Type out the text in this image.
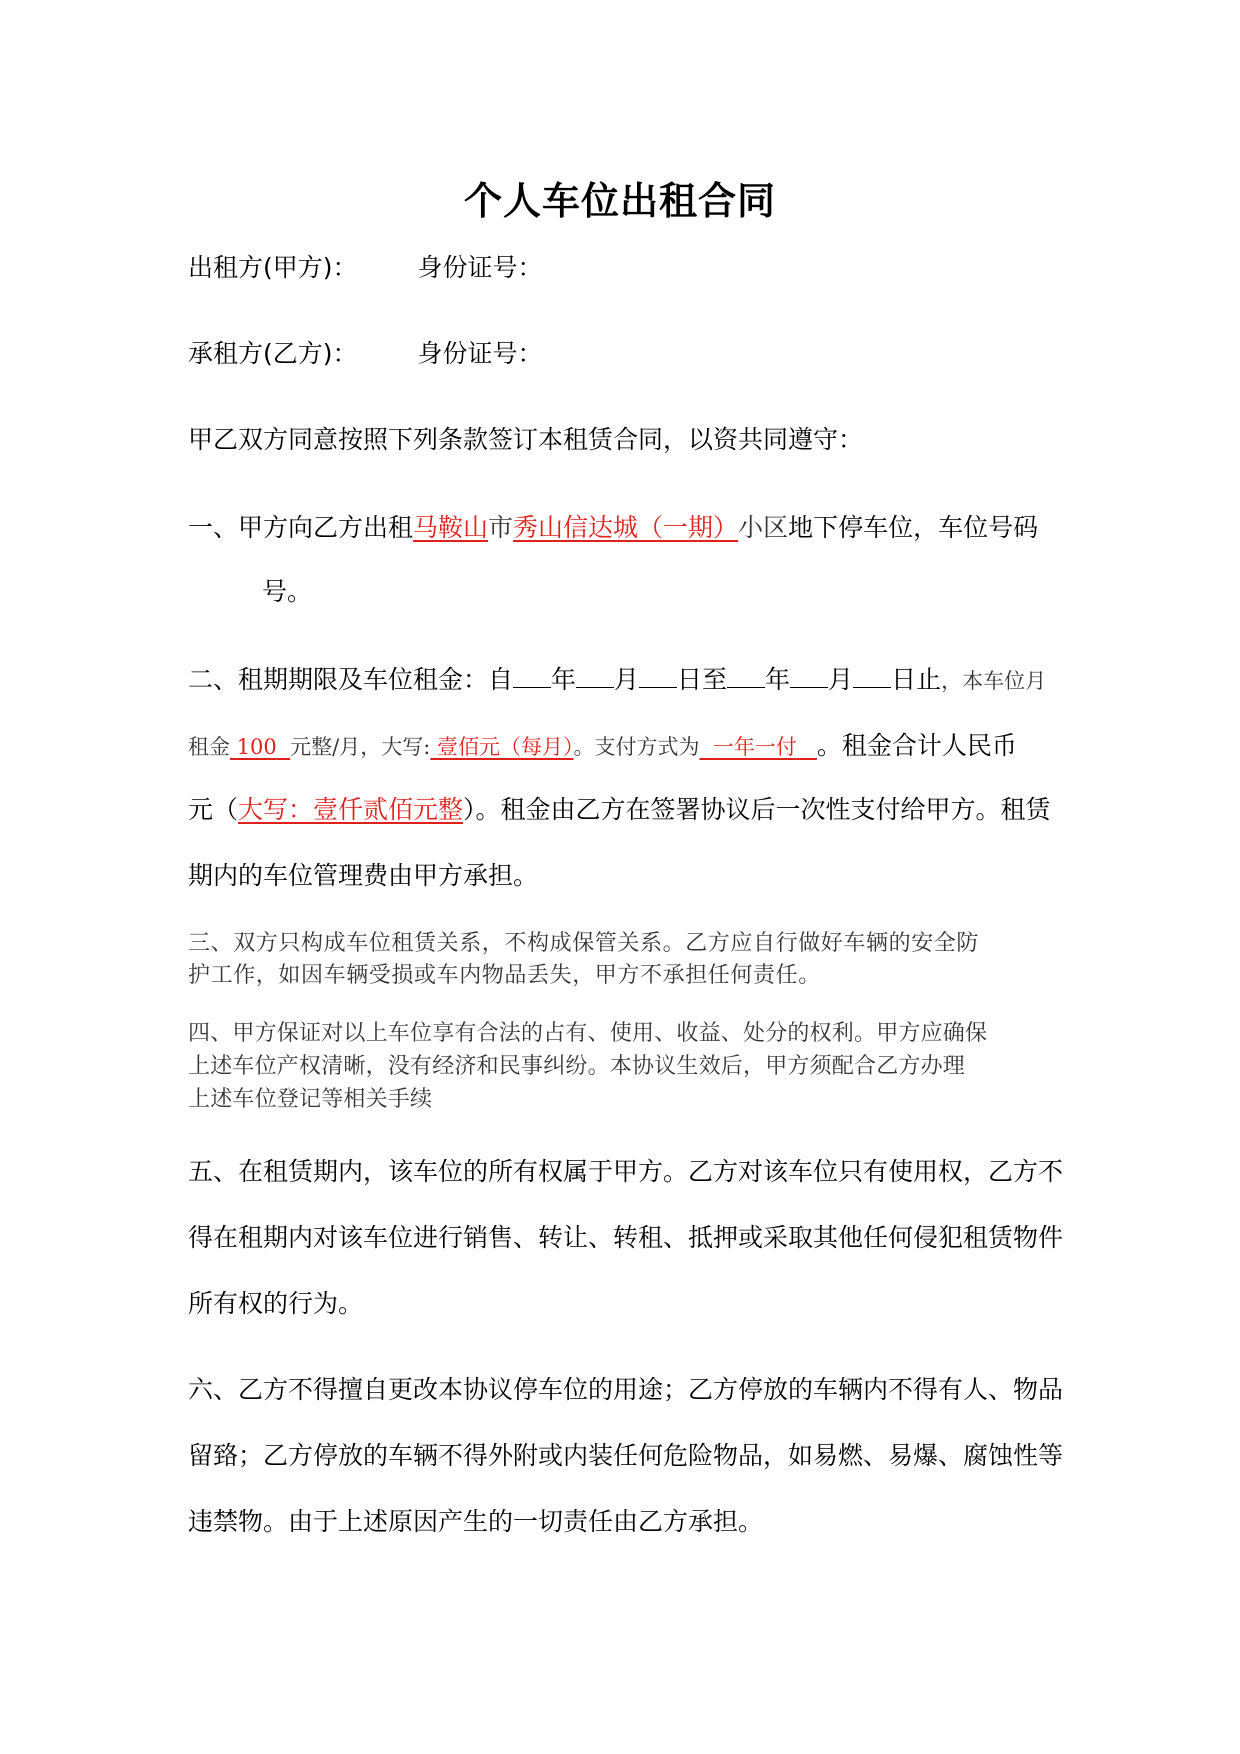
个人车位出租合同
出租方(甲方)： 身份证号：
承租方(乙方)： 身份证号：
甲乙双方同意按照下列条款签订本租赁合同，以资共同遵守：
一、甲方向乙方出租马鞍山市秀山信达城（一期）小区地下停车位，车位号码
号。
二、租期期限及车位租金：自 年 月 日至 年 月 日止，本车位月
租金 100 元整/月，大写: 壹佰元（每月）。支付方式为 一年一付 。租金合计人民币
元（大写：壹仟贰佰元整）。租金由乙方在签署协议后一次性支付给甲方。租赁
期内的车位管理费由甲方承担。
三、双方只构成车位租赁关系，不构成保管关系。乙方应自行做好车辆的安全防
护工作，如因车辆受损或车内物品丢失，甲方不承担任何责任。
四、甲方保证对以上车位享有合法的占有、使用、收益、处分的权利。甲方应确保
上述车位产权清晰，没有经济和民事纠纷。本协议生效后，甲方须配合乙方办理
上述车位登记等相关手续
五、在租赁期内，该车位的所有权属于甲方。乙方对该车位只有使用权，乙方不
得在租期内对该车位进行销售、转让、转租、抵押或采取其他任何侵犯租赁物件
所有权的行为。
六、乙方不得擅自更改本协议停车位的用途；乙方停放的车辆内不得有人、物品
留臵；乙方停放的车辆不得外附或内装任何危险物品，如易燃、易爆、腐蚀性等
违禁物。由于上述原因产生的一切责任由乙方承担。
